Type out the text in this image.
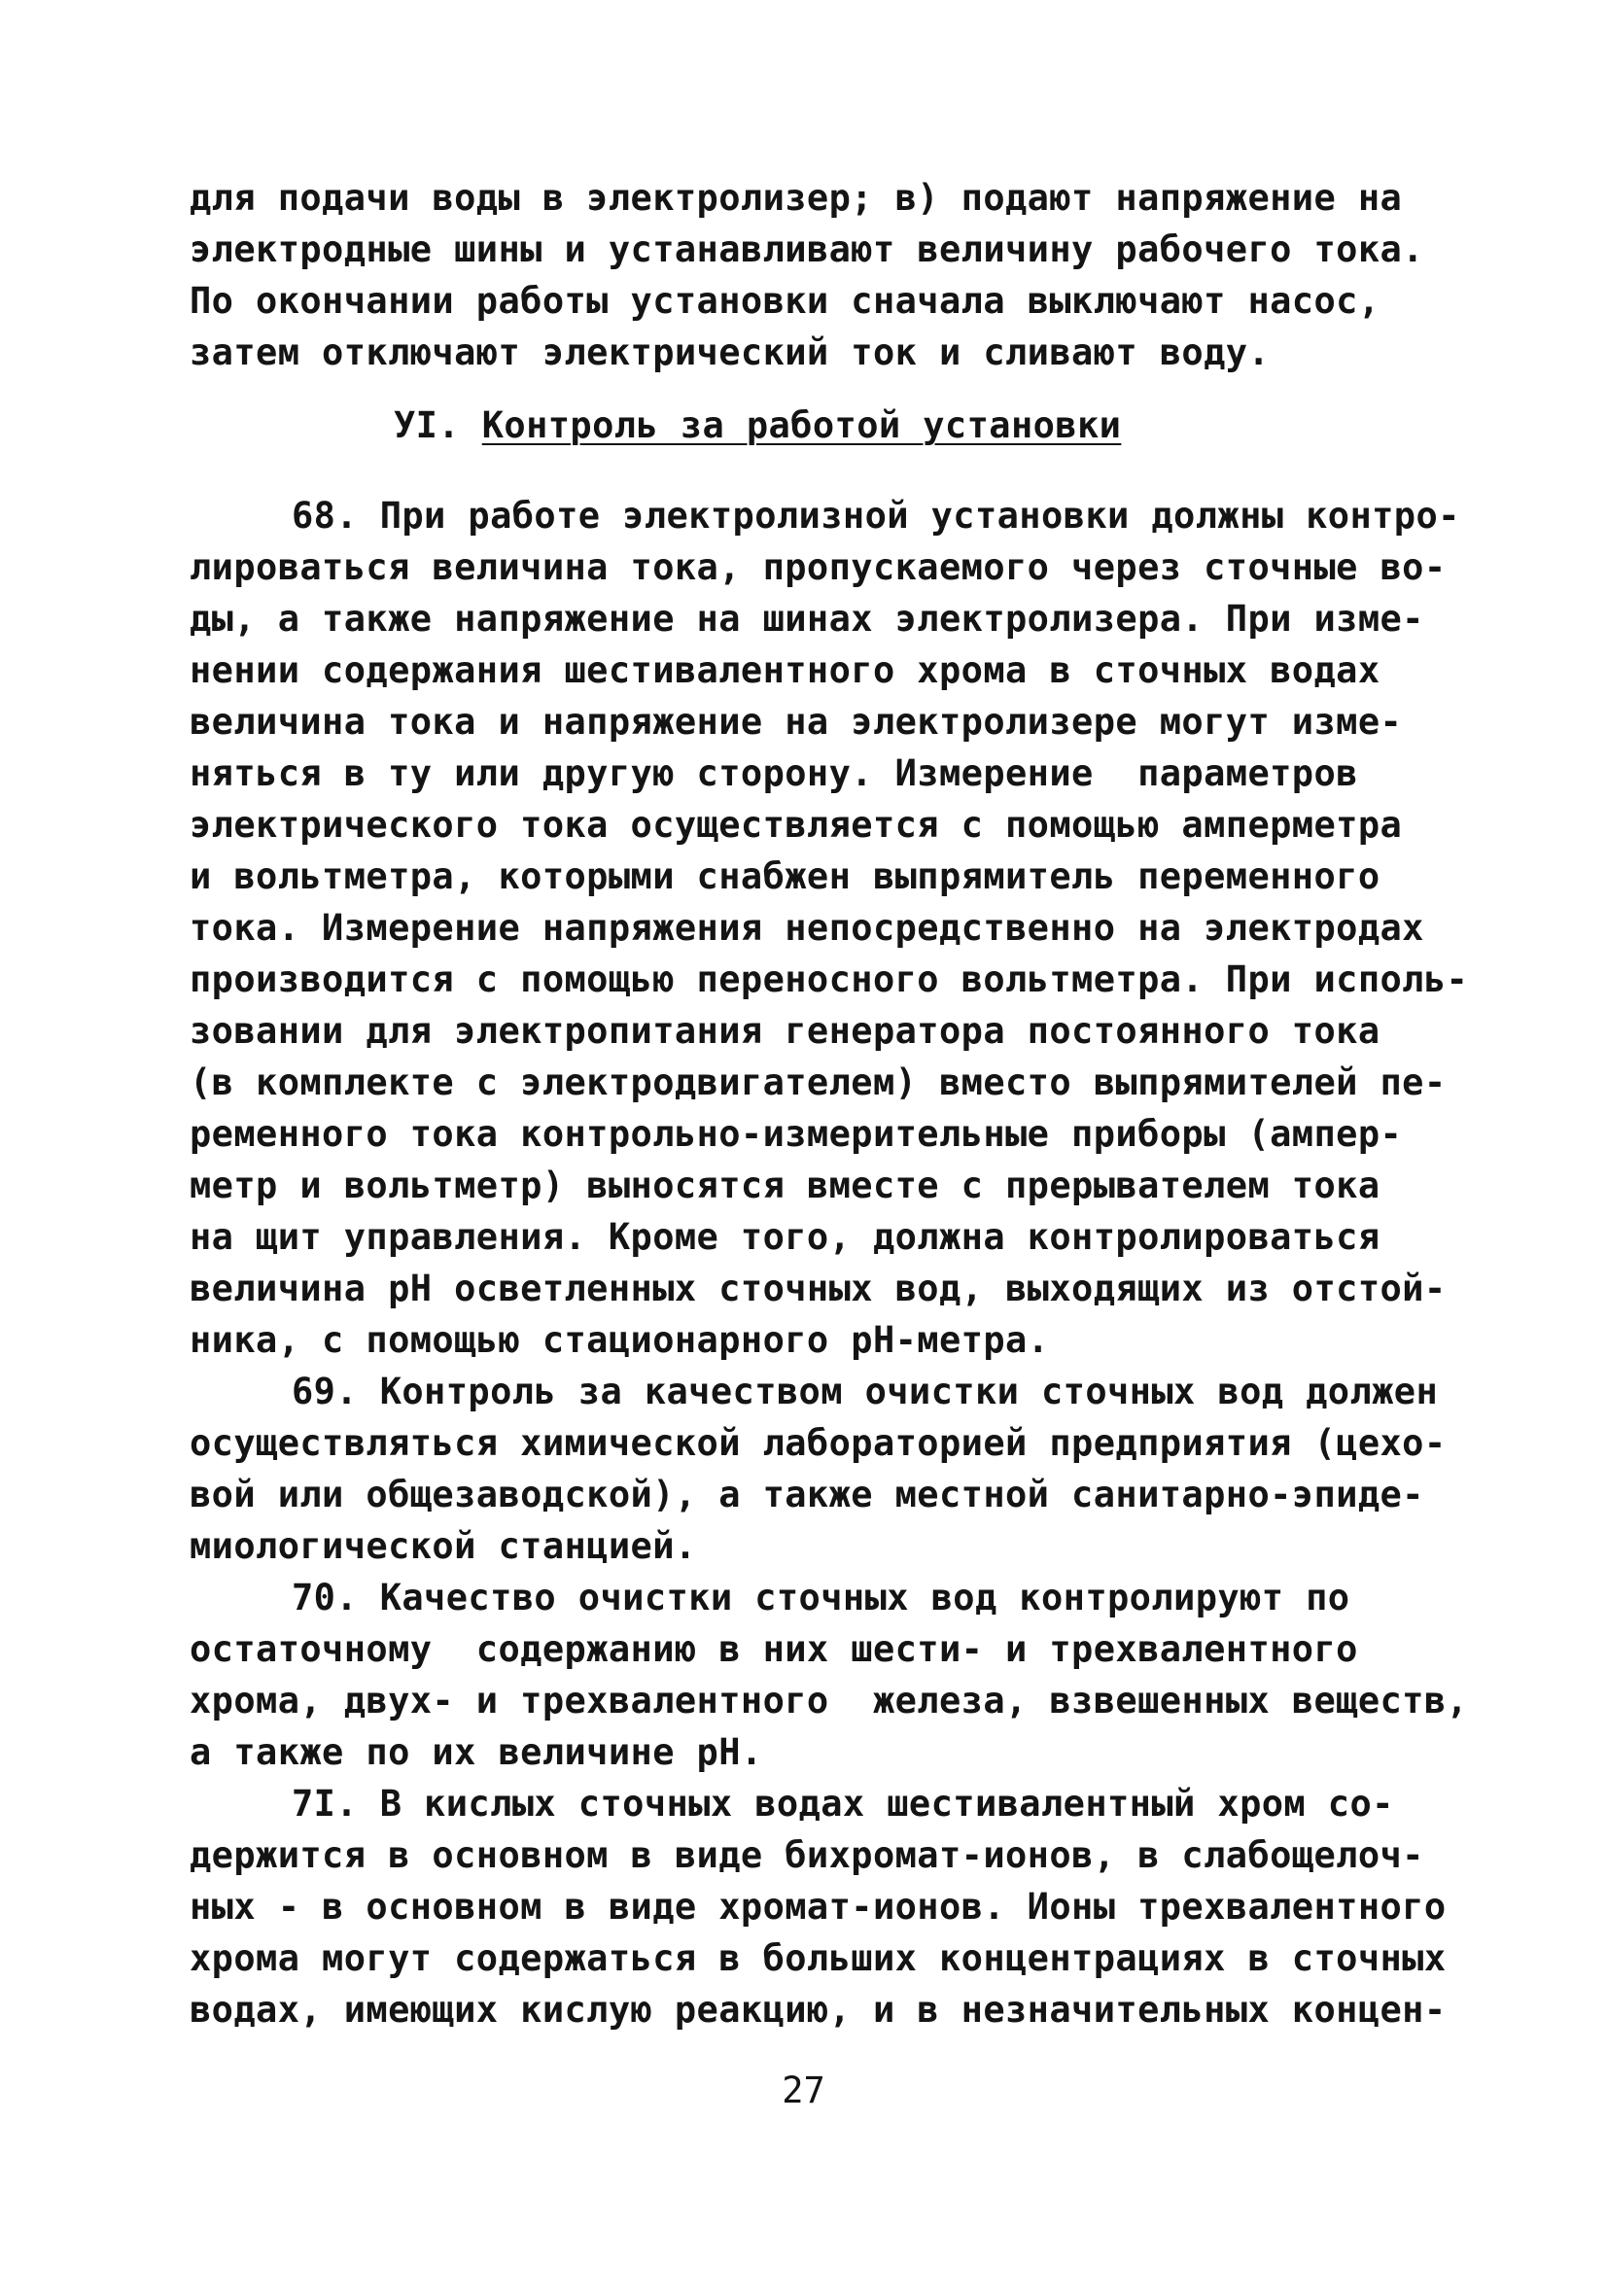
для подачи воды в электролизер; в) подают напряжение на
электродные шины и устанавливают величину рабочего тока.
По окончании работы установки сначала выключают насос,
затем отключают электрический ток и сливают воду.
УI. Контроль за работой установки
68. При работе электролизной установки должны контро-
лироваться величина тока, пропускаемого через сточные во-
ды, а также напряжение на шинах электролизера. При изме-
нении содержания шестивалентного хрома в сточных водах
величина тока и напряжение на электролизере могут изме-
няться в ту или другую сторону. Измерение  параметров
электрического тока осуществляется с помощью амперметра
и вольтметра, которыми снабжен выпрямитель переменного
тока. Измерение напряжения непосредственно на электродах
производится с помощью переносного вольтметра. При исполь-
зовании для электропитания генератора постоянного тока
(в комплекте с электродвигателем) вместо выпрямителей пе-
ременного тока контрольно-измерительные приборы (ампер-
метр и вольтметр) выносятся вместе с прерывателем тока
на щит управления. Кроме того, должна контролироваться
величина pH осветленных сточных вод, выходящих из отстой-
ника, с помощью стационарного pH-метра.
69. Контроль за качеством очистки сточных вод должен
осуществляться химической лабораторией предприятия (цехо-
вой или общезаводской), а также местной санитарно-эпиде-
миологической станцией.
70. Качество очистки сточных вод контролируют по
остаточному  содержанию в них шести- и трехвалентного
хрома, двух- и трехвалентного  железа, взвешенных веществ,
а также по их величине pH.
7I. В кислых сточных водах шестивалентный хром со-
держится в основном в виде бихромат-ионов, в слабощелоч-
ных - в основном в виде хромат-ионов. Ионы трехвалентного
хрома могут содержаться в больших концентрациях в сточных
водах, имеющих кислую реакцию, и в незначительных концен-
27
